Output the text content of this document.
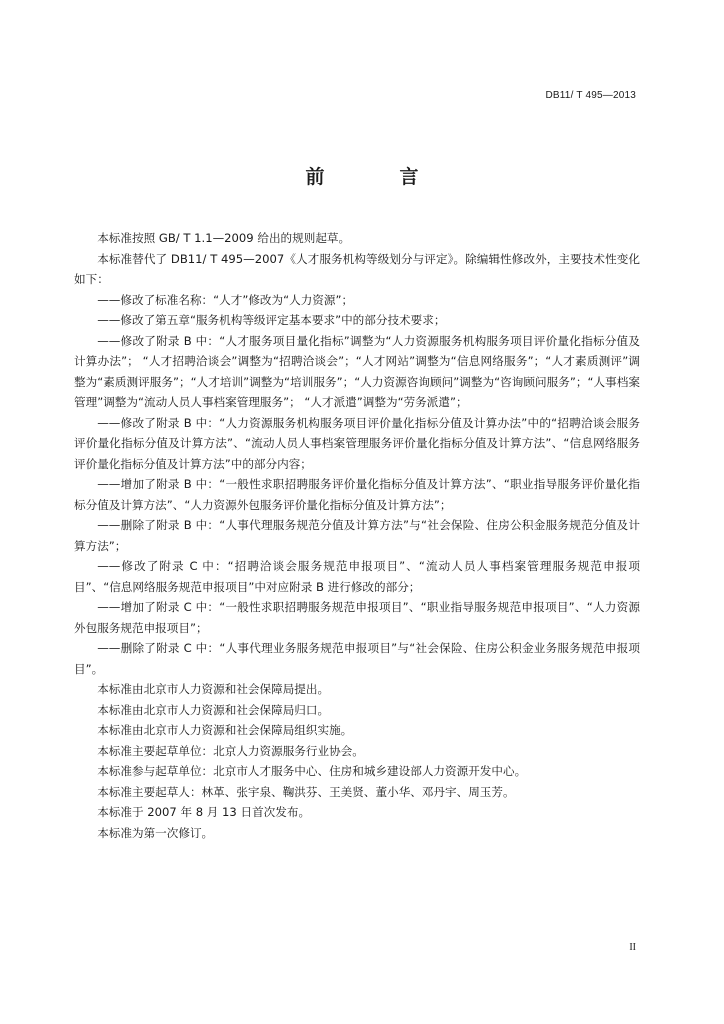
DB11/ T 495—2013
前　言

本标准按照 GB/ T 1.1—2009 给出的规则起草。

本标准替代了 DB11/ T 495—2007《人才服务机构等级划分与评定》。除编辑性修改外，主要技术性变化如下：

——修改了标准名称：“人才”修改为“人力资源”；

——修改了第五章“服务机构等级评定基本要求”中的部分技术要求；

——修改了附录 B 中：“人才服务项目量化指标”调整为“人力资源服务机构服务项目评价量化指标分值及计算办法”； “人才招聘洽谈会”调整为“招聘洽谈会”；“人才网站”调整为“信息网络服务”；“人才素质测评”调整为“素质测评服务”；“人才培训”调整为“培训服务”；“人力资源咨询顾问”调整为“咨询顾问服务”；“人事档案管理”调整为“流动人员人事档案管理服务”； “人才派遣”调整为“劳务派遣”；

——修改了附录 B 中：“人力资源服务机构服务项目评价量化指标分值及计算办法”中的“招聘洽谈会服务评价量化指标分值及计算方法”、“流动人员人事档案管理服务评价量化指标分值及计算方法”、“信息网络服务评价量化指标分值及计算方法”中的部分内容；

——增加了附录 B 中：“一般性求职招聘服务评价量化指标分值及计算方法”、“职业指导服务评价量化指标分值及计算方法”、“人力资源外包服务评价量化指标分值及计算方法”；

——删除了附录 B 中：“人事代理服务规范分值及计算方法”与“社会保险、住房公积金服务规范分值及计算方法”；

——修改了附录 C 中：“招聘洽谈会服务规范申报项目”、“流动人员人事档案管理服务规范申报项目”、“信息网络服务规范申报项目”中对应附录 B 进行修改的部分；

——增加了附录 C 中：“一般性求职招聘服务规范申报项目”、“职业指导服务规范申报项目”、“人力资源外包服务规范申报项目”；

——删除了附录 C 中：“人事代理业务服务规范申报项目”与“社会保险、住房公积金业务服务规范申报项目”。

本标准由北京市人力资源和社会保障局提出。

本标准由北京市人力资源和社会保障局归口。

本标准由北京市人力资源和社会保障局组织实施。

本标准主要起草单位：北京人力资源服务行业协会。

本标准参与起草单位：北京市人才服务中心、住房和城乡建设部人力资源开发中心。

本标准主要起草人：林革、张宇泉、鞠洪芬、王美贤、董小华、邓丹宇、周玉芳。

本标准于 2007 年 8 月 13 日首次发布。

本标准为第一次修订。

II
